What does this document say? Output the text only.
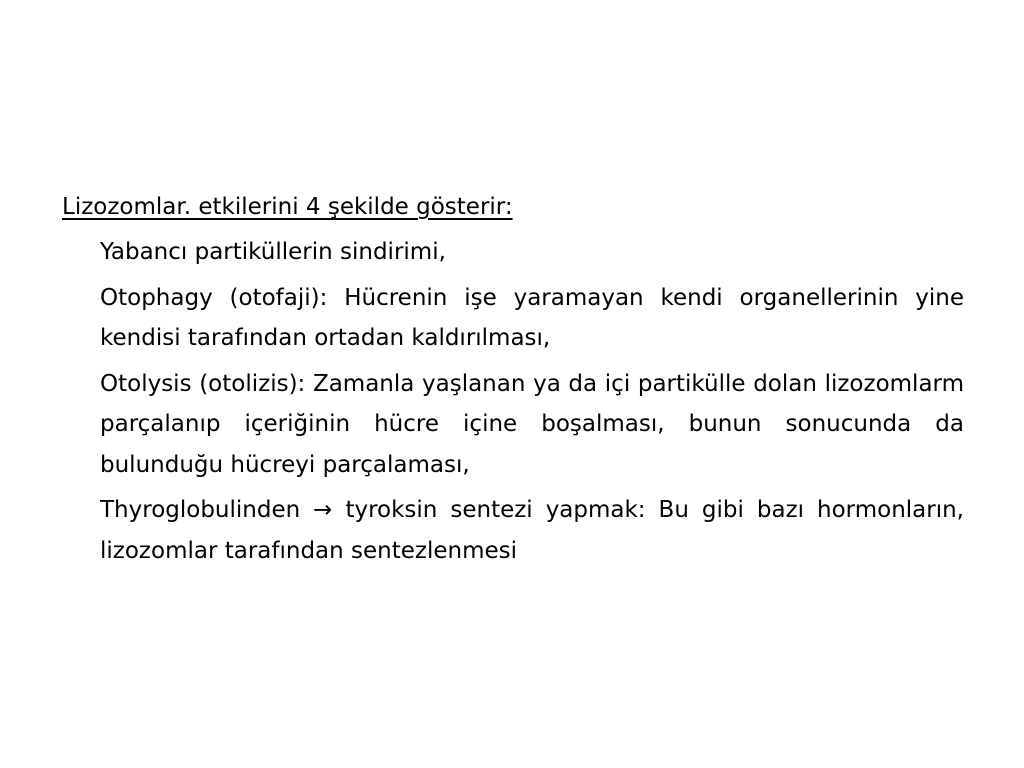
Lizozomlar. etkilerini 4 şekilde gösterir:

Yabancı partiküllerin sindirimi,

Otophagy (otofaji): Hücrenin işe yaramayan kendi organellerinin yine kendisi tarafından ortadan kaldırılması,

Otolysis (otolizis): Zamanla yaşlanan ya da içi partikülle dolan lizozomlarm parçalanıp içeriğinin hücre içine boşalması, bunun sonucunda da bulunduğu hücreyi parçalaması,

Thyroglobulinden → tyroksin sentezi yapmak: Bu gibi bazı hormonların, lizozomlar tarafından sentezlenmesi
